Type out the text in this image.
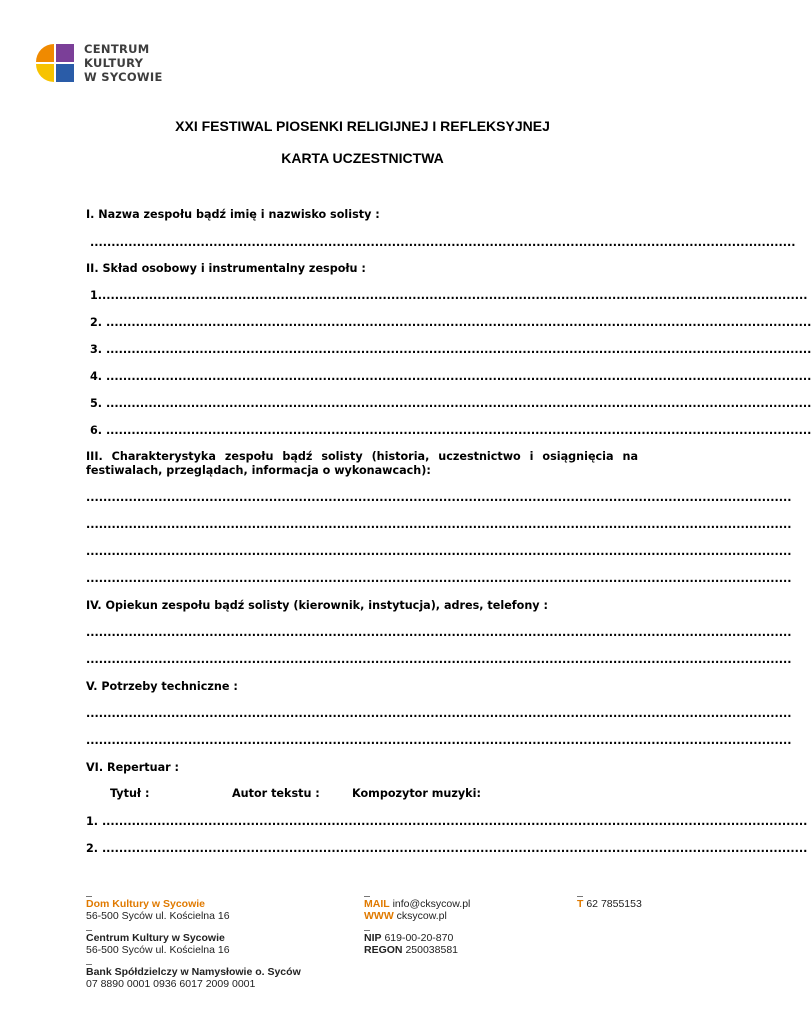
CENTRUM
KULTURY
W SYCOWIE
XXI FESTIWAL PIOSENKI RELIGIJNEJ I REFLEKSYJNEJ
KARTA UCZESTNICTWA
I. Nazwa zespołu bądź imię i nazwisko solisty :
......................................................................................................................................................................
II. Skład osobowy i instrumentalny zespołu :
1.......................................................................................................................................................................
2. ......................................................................................................................................................................
3. ......................................................................................................................................................................
4. ......................................................................................................................................................................
5. ......................................................................................................................................................................
6. ......................................................................................................................................................................
III. Charakterystyka zespołu bądź solisty (historia, uczestnictwo i osiągnięcia na festiwalach, przeglądach, informacja o wykonawcach):
......................................................................................................................................................................
......................................................................................................................................................................
......................................................................................................................................................................
......................................................................................................................................................................
IV. Opiekun zespołu bądź solisty (kierownik, instytucja), adres, telefony :
......................................................................................................................................................................
......................................................................................................................................................................
V. Potrzeby techniczne :
......................................................................................................................................................................
......................................................................................................................................................................
VI. Repertuar :
Tytuł :	Autor tekstu :	Kompozytor muzyki:
1. ......................................................................................................................................................................
2. ......................................................................................................................................................................
Dom Kultury w Sycowie
56-500 Syców ul. Kościelna 16
Centrum Kultury w Sycowie
56-500 Syców ul. Kościelna 16
Bank Spółdzielczy w Namysłowie o. Syców
07 8890 0001 0936 6017 2009 0001
MAIL info@cksycow.pl
WWW cksycow.pl
NIP 619-00-20-870
REGON 250038581
T 62 7855153
